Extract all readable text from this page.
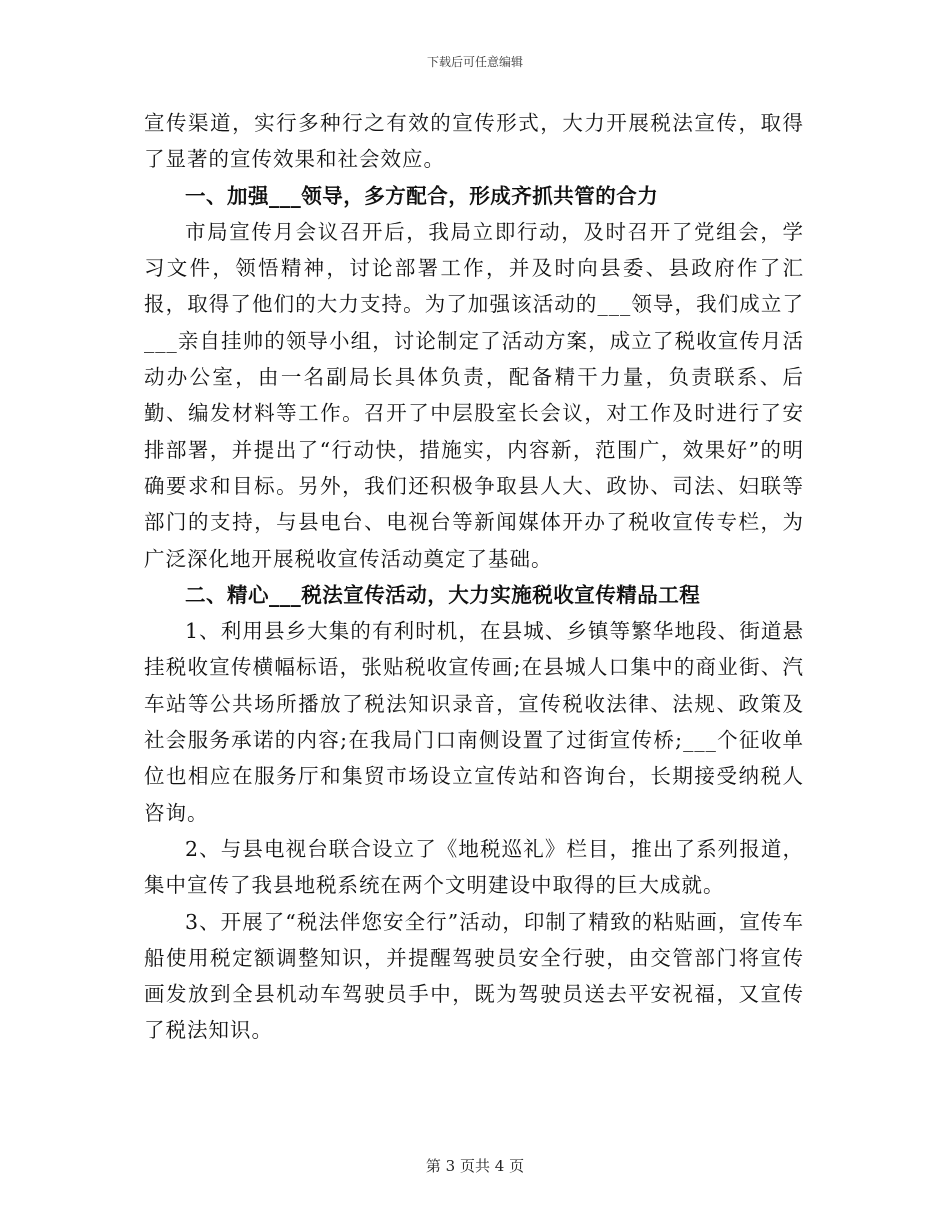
下载后可任意编辑

宣传渠道，实行多种行之有效的宣传形式，大力开展税法宣传，取得了显著的宣传效果和社会效应。

一、加强___领导，多方配合，形成齐抓共管的合力

市局宣传月会议召开后，我局立即行动，及时召开了党组会，学习文件，领悟精神，讨论部署工作，并及时向县委、县政府作了汇报，取得了他们的大力支持。为了加强该活动的___领导，我们成立了___亲自挂帅的领导小组，讨论制定了活动方案，成立了税收宣传月活动办公室，由一名副局长具体负责，配备精干力量，负责联系、后勤、编发材料等工作。召开了中层股室长会议，对工作及时进行了安排部署，并提出了“行动快，措施实，内容新，范围广，效果好”的明确要求和目标。另外，我们还积极争取县人大、政协、司法、妇联等部门的支持，与县电台、电视台等新闻媒体开办了税收宣传专栏，为广泛深化地开展税收宣传活动奠定了基础。

二、精心___税法宣传活动，大力实施税收宣传精品工程

1、利用县乡大集的有利时机，在县城、乡镇等繁华地段、街道悬挂税收宣传横幅标语，张贴税收宣传画;在县城人口集中的商业街、汽车站等公共场所播放了税法知识录音，宣传税收法律、法规、政策及社会服务承诺的内容;在我局门口南侧设置了过街宣传桥;___个征收单位也相应在服务厅和集贸市场设立宣传站和咨询台，长期接受纳税人咨询。

2、与县电视台联合设立了《地税巡礼》栏目，推出了系列报道，集中宣传了我县地税系统在两个文明建设中取得的巨大成就。

3、开展了“税法伴您安全行”活动，印制了精致的粘贴画，宣传车船使用税定额调整知识，并提醒驾驶员安全行驶，由交管部门将宣传画发放到全县机动车驾驶员手中，既为驾驶员送去平安祝福，又宣传了税法知识。

第 3 页共 4 页
